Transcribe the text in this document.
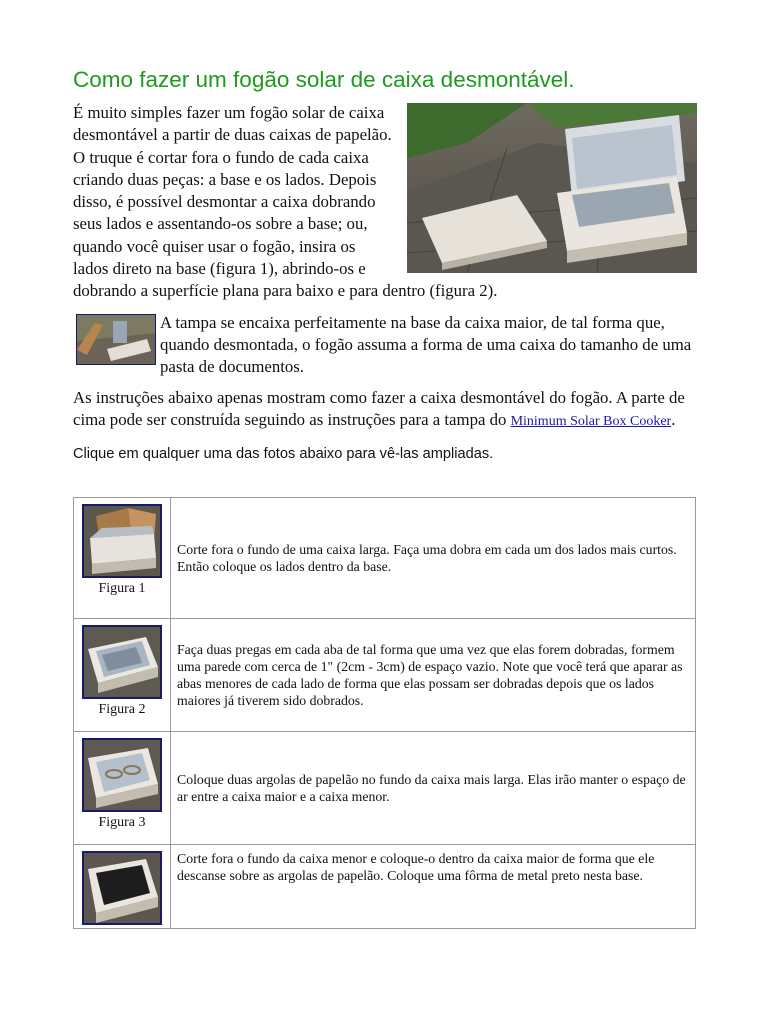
Como fazer um fogão solar de caixa desmontável.
É muito simples fazer um fogão solar de caixa desmontável a partir de duas caixas de papelão. O truque é cortar fora o fundo de cada caixa criando duas peças: a base e os lados. Depois disso, é possível desmontar a caixa dobrando seus lados e assentando-os sobre a base; ou, quando você quiser usar o fogão, insira os lados direto na base (figura 1), abrindo-os e dobrando a superfície plana para baixo e para dentro (figura 2).
A tampa se encaixa perfeitamente na base da caixa maior, de tal forma que, quando desmontada, o fogão assuma a forma de uma caixa do tamanho de uma pasta de documentos.
As instruções abaixo apenas mostram como fazer a caixa desmontável do fogão. A parte de cima pode ser construída seguindo as instruções para a tampa do Minimum Solar Box Cooker.
Clique em qualquer uma das fotos abaixo para vê-las ampliadas.
Figura 1	Corte fora o fundo de uma caixa larga. Faça uma dobra em cada um dos lados mais curtos. Então coloque os lados dentro da base.

Figura 2	Faça duas pregas em cada aba de tal forma que uma vez que elas forem dobradas, formem uma parede com cerca de 1" (2cm - 3cm) de espaço vazio. Note que você terá que aparar as abas menores de cada lado de forma que elas possam ser dobradas depois que os lados maiores já tiverem sido dobrados.

Figura 3	Coloque duas argolas de papelão no fundo da caixa mais larga. Elas irão manter o espaço de ar entre a caixa maior e a caixa menor.

	Corte fora o fundo da caixa menor e coloque-o dentro da caixa maior de forma que ele descanse sobre as argolas de papelão. Coloque uma fôrma de metal preto nesta base.
